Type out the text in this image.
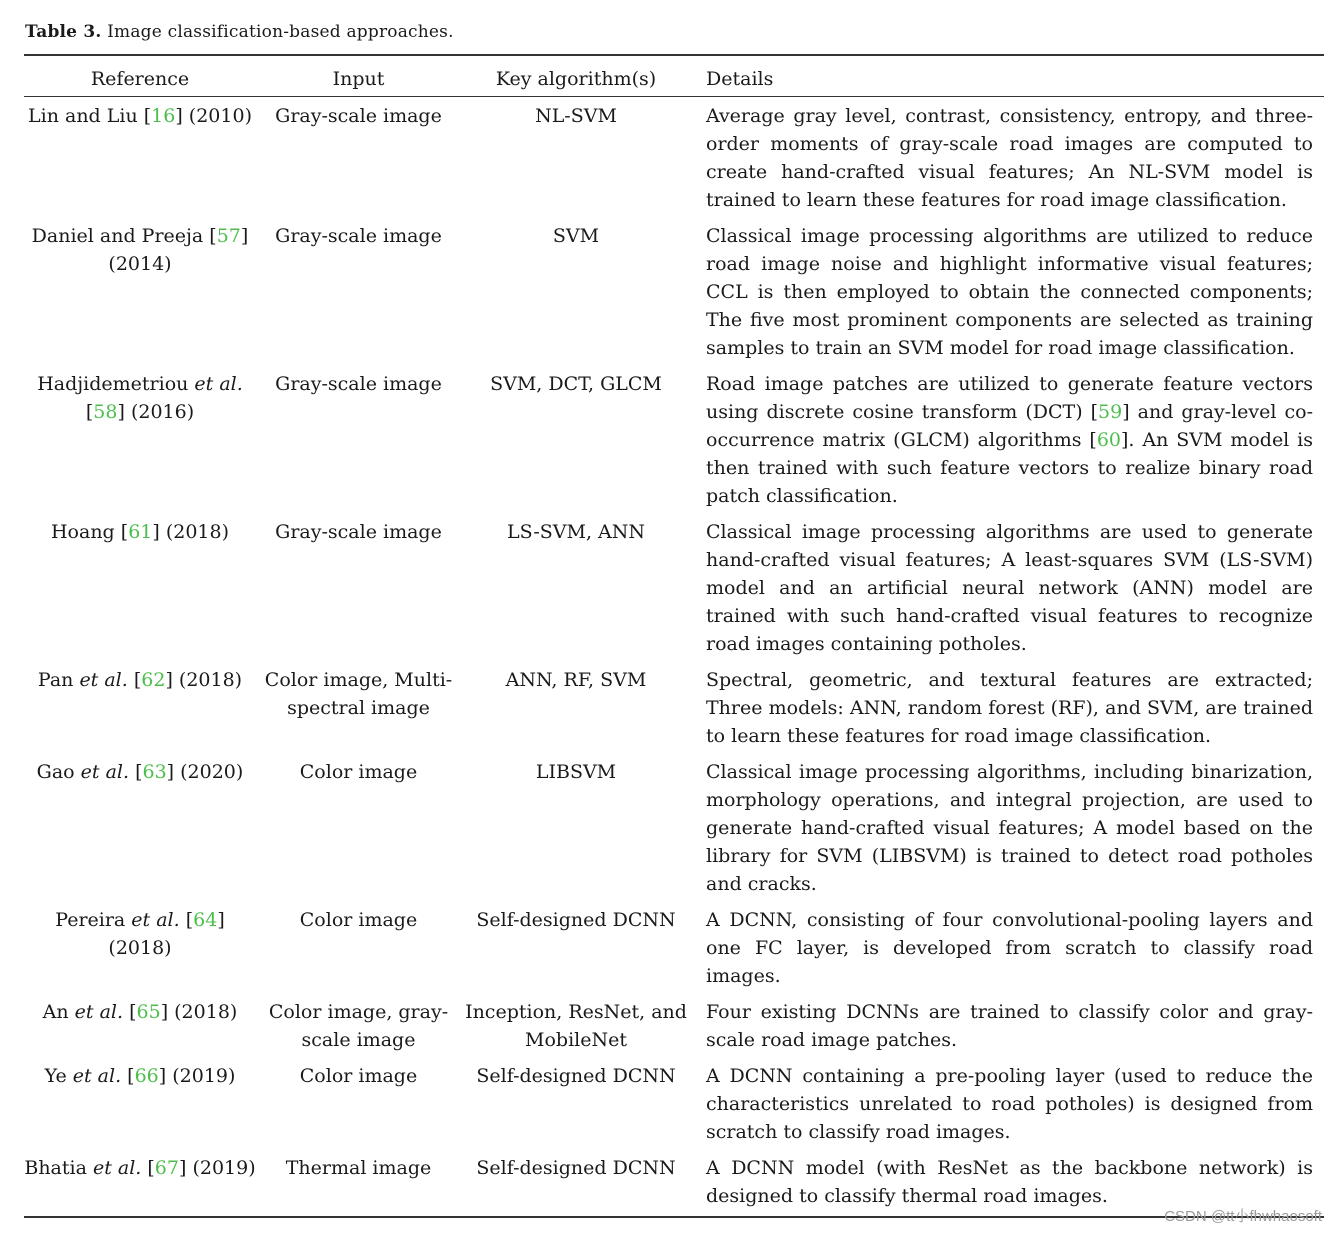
Table 3. Image classification-based approaches.
Reference	Input	Key algorithm(s)	Details
Lin and Liu [16] (2010)	Gray-scale image	NL-SVM	Average gray level, contrast, consistency, entropy, and three-order moments of gray-scale road images are computed to create hand-crafted visual features; An NL-SVM model is trained to learn these features for road image classification.
Daniel and Preeja [57] (2014)	Gray-scale image	SVM	Classical image processing algorithms are utilized to reduce road image noise and highlight informative visual features; CCL is then employed to obtain the connected components; The five most prominent components are selected as training samples to train an SVM model for road image classification.
Hadjidemetriou et al. [58] (2016)	Gray-scale image	SVM, DCT, GLCM	Road image patches are utilized to generate feature vectors using discrete cosine transform (DCT) [59] and gray-level co-occurrence matrix (GLCM) algorithms [60]. An SVM model is then trained with such feature vectors to realize binary road patch classification.
Hoang [61] (2018)	Gray-scale image	LS-SVM, ANN	Classical image processing algorithms are used to generate hand-crafted visual features; A least-squares SVM (LS-SVM) model and an artificial neural network (ANN) model are trained with such hand-crafted visual features to recognize road images containing potholes.
Pan et al. [62] (2018)	Color image, Multi-spectral image	ANN, RF, SVM	Spectral, geometric, and textural features are extracted; Three models: ANN, random forest (RF), and SVM, are trained to learn these features for road image classification.
Gao et al. [63] (2020)	Color image	LIBSVM	Classical image processing algorithms, including binarization, morphology operations, and integral projection, are used to generate hand-crafted visual features; A model based on the library for SVM (LIBSVM) is trained to detect road potholes and cracks.
Pereira et al. [64] (2018)	Color image	Self-designed DCNN	A DCNN, consisting of four convolutional-pooling layers and one FC layer, is developed from scratch to classify road images.
An et al. [65] (2018)	Color image, gray-scale image	Inception, ResNet, and MobileNet	Four existing DCNNs are trained to classify color and gray-scale road image patches.
Ye et al. [66] (2019)	Color image	Self-designed DCNN	A DCNN containing a pre-pooling layer (used to reduce the characteristics unrelated to road potholes) is designed from scratch to classify road images.
Bhatia et al. [67] (2019)	Thermal image	Self-designed DCNN	A DCNN model (with ResNet as the backbone network) is designed to classify thermal road images.
CSDN @tt小fhwhaosoft
